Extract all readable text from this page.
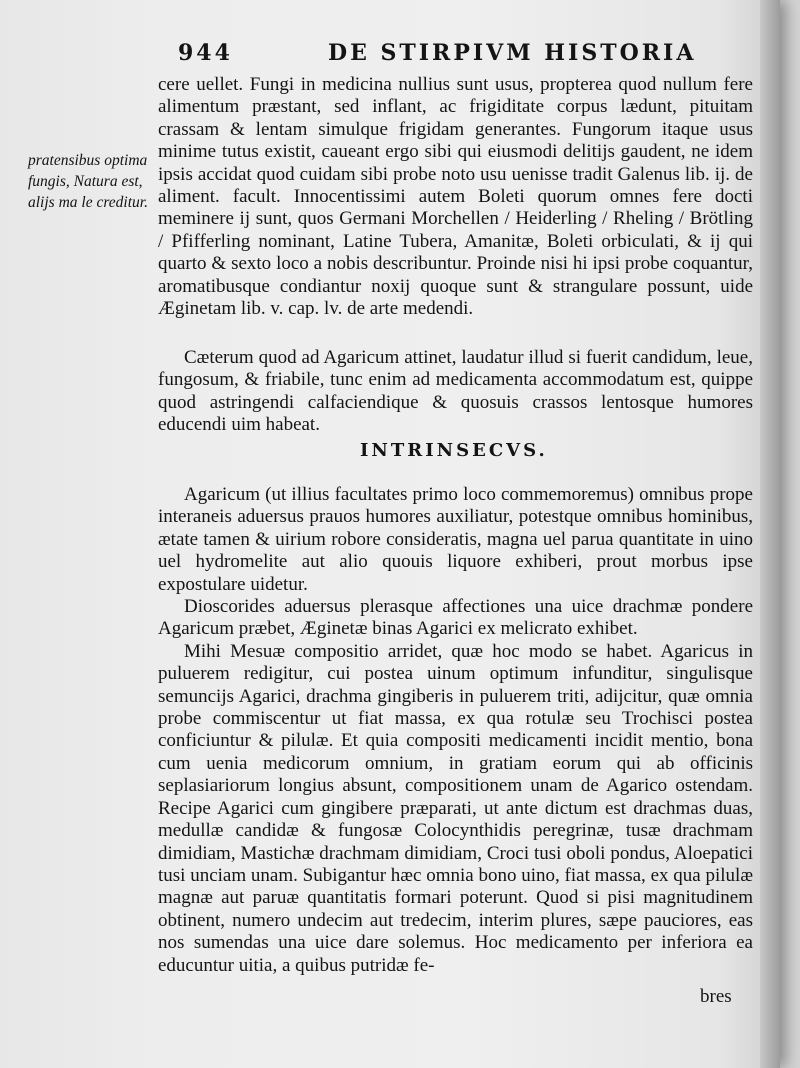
944	DE STIRPIVM HISTORIA
pratensibus optima fungis, Natura est, alijs ma le creditur.

cere uellet. Fungi in medicina nullius sunt usus, propterea quod nullum fere alimentum præstant, sed inflant, ac frigiditate corpus lædunt, pituitam crassam & lentam simulque frigidam generantes. Fungorum itaque usus minime tutus existit, caueant ergo sibi qui eiusmodi delitijs gaudent, ne idem ipsis accidat quod cuidam sibi probe noto usu uenisse tradit Galenus lib. ij. de aliment. facult. Innocentissimi autem Boleti quorum omnes fere docti meminere ij sunt, quos Germani Morchellen / Heiderling / Rheling / Brötling / Pfifferling nominant, Latine Tubera, Amanitæ, Boleti orbiculati, & ij qui quarto & sexto loco a nobis describuntur. Proinde nisi hi ipsi probe coquantur, aromatibusque condiantur noxij quoque sunt & strangulare possunt, uide Æginetam lib. v. cap. lv. de arte medendi.

Cæterum quod ad Agaricum attinet, laudatur illud si fuerit candidum, leue, fungosum, & friabile, tunc enim ad medicamenta accommodatum est, quippe quod astringendi calfaciendique & quosuis crassos lentosque humores educendi uim habeat.

INTRINSECVS.

Agaricum (ut illius facultates primo loco commemoremus) omnibus prope interaneis aduersus prauos humores auxiliatur, potestque omnibus hominibus, ætate tamen & uirium robore consideratis, magna uel parua quantitate in uino uel hydromelite aut alio quouis liquore exhiberi, prout morbus ipse expostulare uidetur.

Dioscorides aduersus plerasque affectiones una uice drachmæ pondere Agaricum præbet, Æginetæ binas Agarici ex melicrato exhibet.

Mihi Mesuæ compositio arridet, quæ hoc modo se habet. Agaricus in puluerem redigitur, cui postea uinum optimum infunditur, singulisque semuncijs Agarici, drachma gingiberis in puluerem triti, adijcitur, quæ omnia probe commiscentur ut fiat massa, ex qua rotulæ seu Trochisci postea conficiuntur & pilulæ. Et quia compositi medicamenti incidit mentio, bona cum uenia medicorum omnium, in gratiam eorum qui ab officinis seplasiariorum longius absunt, compositionem unam de Agarico ostendam. Recipe Agarici cum gingibere præparati, ut ante dictum est drachmas duas, medullæ candidæ & fungosæ Colocynthidis peregrinæ, tusæ drachmam dimidiam, Mastichæ drachmam dimidiam, Croci tusi oboli pondus, Aloepatici tusi unciam unam. Subigantur hæc omnia bono uino, fiat massa, ex qua pilulæ magnæ aut paruæ quantitatis formari poterunt. Quod si pisi magnitudinem obtinent, numero undecim aut tredecim, interim plures, sæpe pauciores, eas nos sumendas una uice dare solemus. Hoc medicamento per inferiora ea educuntur uitia, a quibus putridæ fe-

bres
